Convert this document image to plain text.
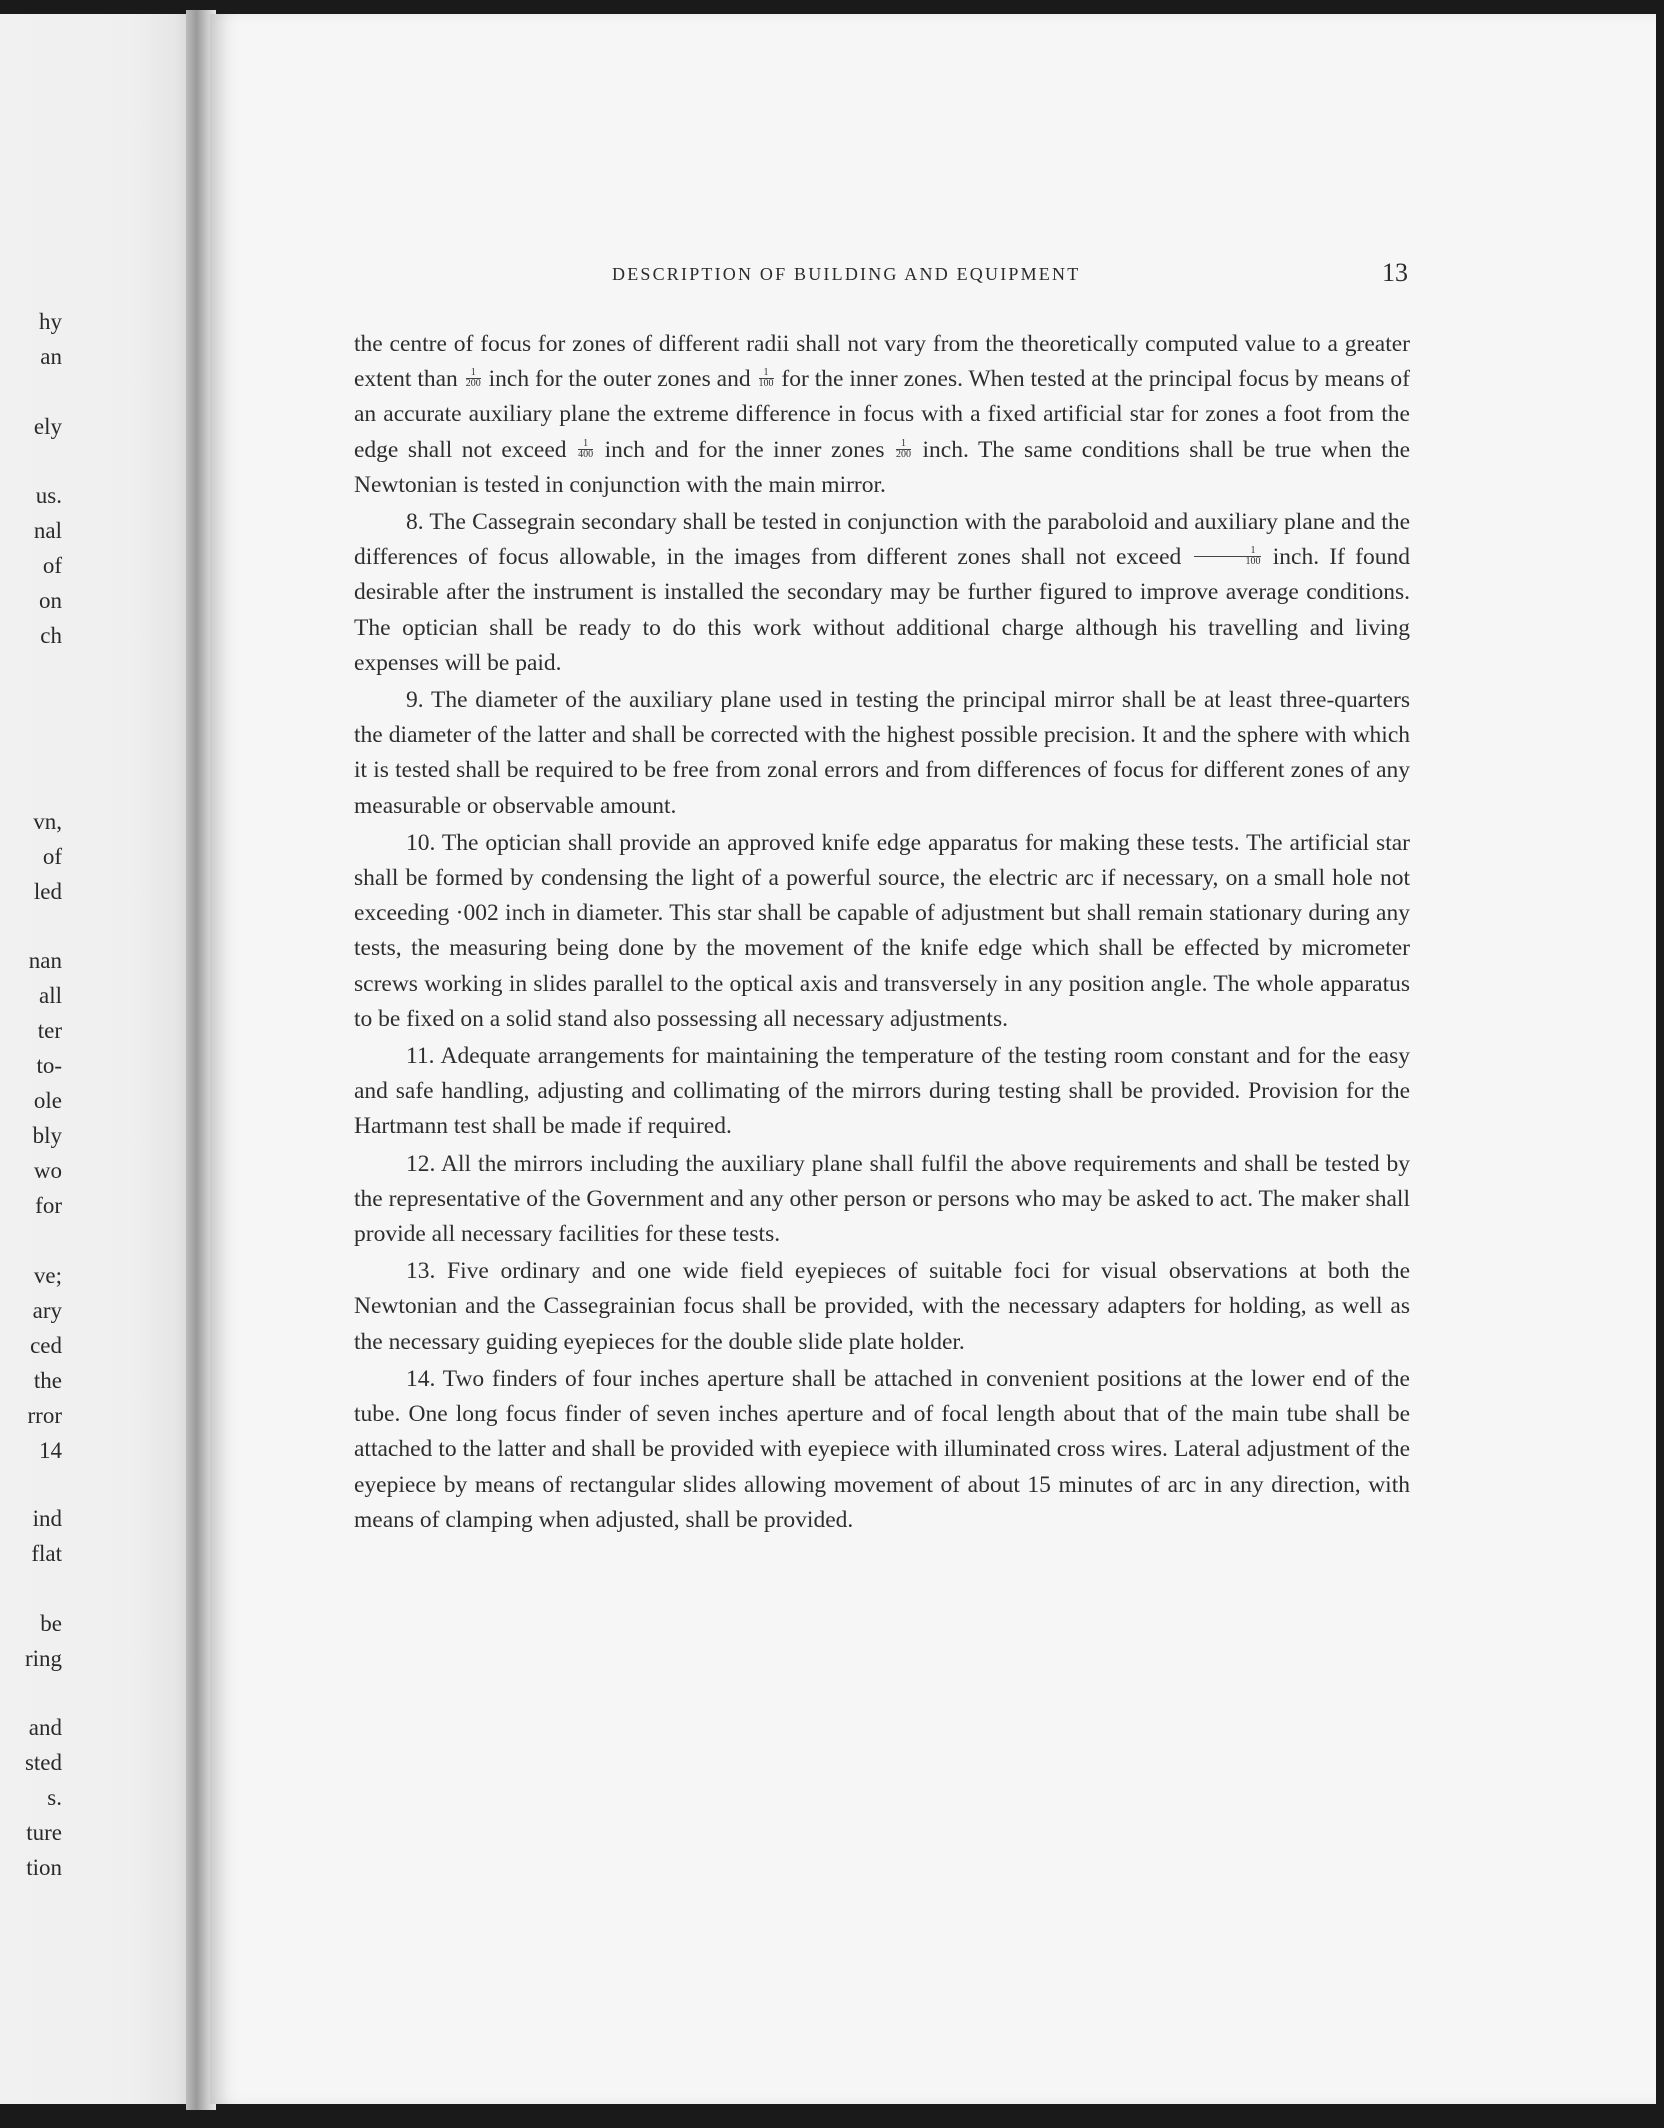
hy
an
ely
us.
nal
of
on
ch
vn,
of
led
nan
all
ter
to-
ole
bly
wo
for
ve;
ary
ced
the
rror
14
ind
flat
be
ring
and
sted
s.
ture
tion
DESCRIPTION OF BUILDING AND EQUIPMENT	13

the centre of focus for zones of different radii shall not vary from the theoretically computed value to a greater extent than $\frac{1}{200}$ inch for the outer zones and $\frac{1}{100}$ for the inner zones. When tested at the principal focus by means of an accurate auxiliary plane the extreme difference in focus with a fixed artificial star for zones a foot from the edge shall not exceed $\frac{1}{400}$ inch and for the inner zones $\frac{1}{200}$ inch. The same conditions shall be true when the Newtonian is tested in conjunction with the main mirror.

8. The Cassegrain secondary shall be tested in conjunction with the paraboloid and auxiliary plane and the differences of focus allowable, in the images from different zones shall not exceed $\frac{1}{100}$ inch. If found desirable after the instrument is installed the secondary may be further figured to improve average conditions. The optician shall be ready to do this work without additional charge although his travelling and living expenses will be paid.

9. The diameter of the auxiliary plane used in testing the principal mirror shall be at least three-quarters the diameter of the latter and shall be corrected with the highest possible precision. It and the sphere with which it is tested shall be required to be free from zonal errors and from differences of focus for different zones of any measurable or observable amount.

10. The optician shall provide an approved knife edge apparatus for making these tests. The artificial star shall be formed by condensing the light of a powerful source, the electric arc if necessary, on a small hole not exceeding ·002 inch in diameter. This star shall be capable of adjustment but shall remain stationary during any tests, the measuring being done by the movement of the knife edge which shall be effected by micrometer screws working in slides parallel to the optical axis and transversely in any position angle. The whole apparatus to be fixed on a solid stand also possessing all necessary adjustments.

11. Adequate arrangements for maintaining the temperature of the testing room constant and for the easy and safe handling, adjusting and collimating of the mirrors during testing shall be provided. Provision for the Hartmann test shall be made if required.

12. All the mirrors including the auxiliary plane shall fulfil the above requirements and shall be tested by the representative of the Government and any other person or persons who may be asked to act. The maker shall provide all necessary facilities for these tests.

13. Five ordinary and one wide field eyepieces of suitable foci for visual observations at both the Newtonian and the Cassegrainian focus shall be provided, with the necessary adapters for holding, as well as the necessary guiding eyepieces for the double slide plate holder.

14. Two finders of four inches aperture shall be attached in convenient positions at the lower end of the tube. One long focus finder of seven inches aperture and of focal length about that of the main tube shall be attached to the latter and shall be provided with eyepiece with illuminated cross wires. Lateral adjustment of the eyepiece by means of rectangular slides allowing movement of about 15 minutes of arc in any direction, with means of clamping when adjusted, shall be provided.
